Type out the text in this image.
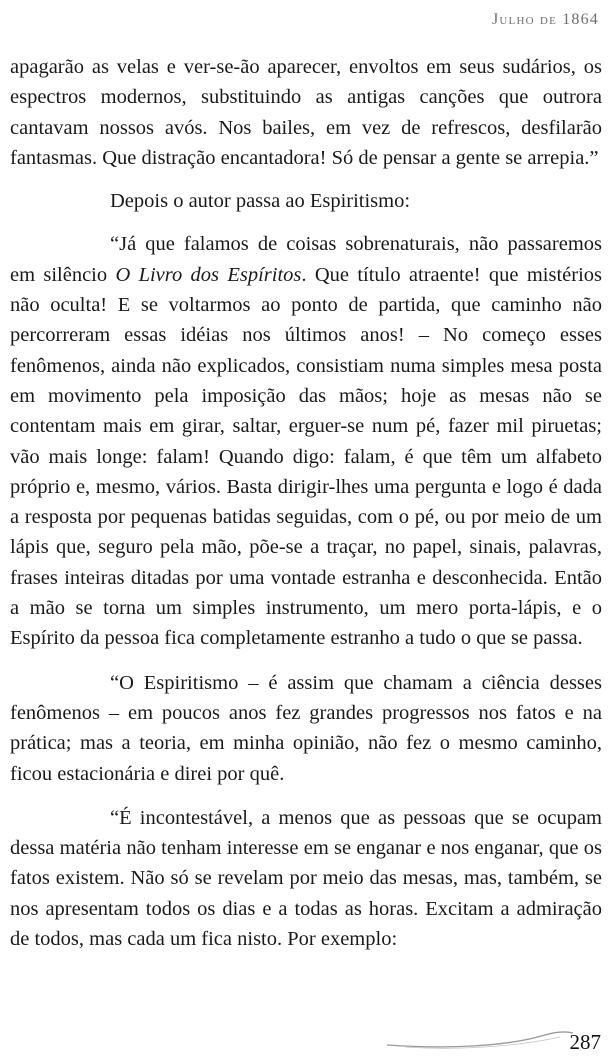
Julho de 1864

apagarão as velas e ver-se-ão aparecer, envoltos em seus sudários, os espectros modernos, substituindo as antigas canções que outrora cantavam nossos avós. Nos bailes, em vez de refrescos, desfilarão fantasmas. Que distração encantadora! Só de pensar a gente se arrepia.”

Depois o autor passa ao Espiritismo:

“Já que falamos de coisas sobrenaturais, não passaremos em silêncio O Livro dos Espíritos. Que título atraente! que mistérios não oculta! E se voltarmos ao ponto de partida, que caminho não percorreram essas idéias nos últimos anos! – No começo esses fenômenos, ainda não explicados, consistiam numa simples mesa posta em movimento pela imposição das mãos; hoje as mesas não se contentam mais em girar, saltar, erguer-se num pé, fazer mil piruetas; vão mais longe: falam! Quando digo: falam, é que têm um alfabeto próprio e, mesmo, vários. Basta dirigir-lhes uma pergunta e logo é dada a resposta por pequenas batidas seguidas, com o pé, ou por meio de um lápis que, seguro pela mão, põe-se a traçar, no papel, sinais, palavras, frases inteiras ditadas por uma vontade estranha e desconhecida. Então a mão se torna um simples instrumento, um mero porta-lápis, e o Espírito da pessoa fica completamente estranho a tudo o que se passa.

“O Espiritismo – é assim que chamam a ciência desses fenômenos – em poucos anos fez grandes progressos nos fatos e na prática; mas a teoria, em minha opinião, não fez o mesmo caminho, ficou estacionária e direi por quê.

“É incontestável, a menos que as pessoas que se ocupam dessa matéria não tenham interesse em se enganar e nos enganar, que os fatos existem. Não só se revelam por meio das mesas, mas, também, se nos apresentam todos os dias e a todas as horas. Excitam a admiração de todos, mas cada um fica nisto. Por exemplo:

287
